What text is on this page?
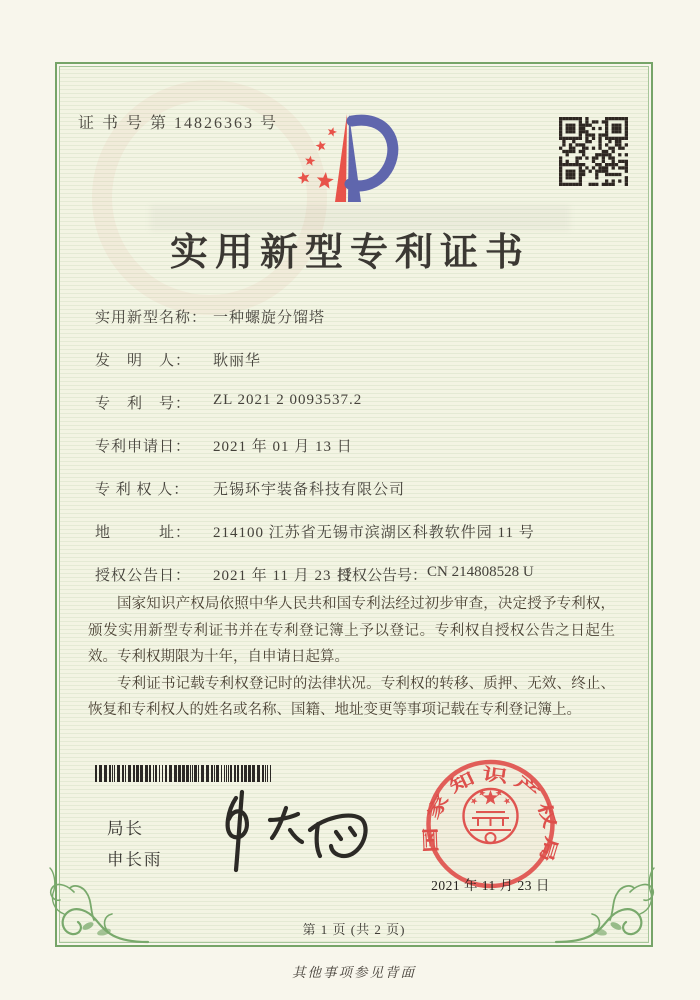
证 书 号 第 14826363 号
实用新型专利证书
实用新型名称： 一种螺旋分馏塔
发　明　人：	耿丽华
专　利　号：	ZL 2021 2 0093537.2
专利申请日：	2021 年 01 月 13 日
专 利 权 人：	无锡环宇装备科技有限公司
地　　　址：	214100 江苏省无锡市滨湖区科教软件园 11 号
授权公告日：	2021 年 11 月 23 日
授权公告号： CN 214808528 U

国家知识产权局依照中华人民共和国专利法经过初步审查，决定授予专利权，颁发实用新型专利证书并在专利登记簿上予以登记。专利权自授权公告之日起生效。专利权期限为十年，自申请日起算。

专利证书记载专利权登记时的法律状况。专利权的转移、质押、无效、终止、恢复和专利权人的姓名或名称、国籍、地址变更等事项记载在专利登记簿上。

局长
申长雨
国家知识产权局
2021 年 11 月 23 日
第 1 页 (共 2 页)
其他事项参见背面
